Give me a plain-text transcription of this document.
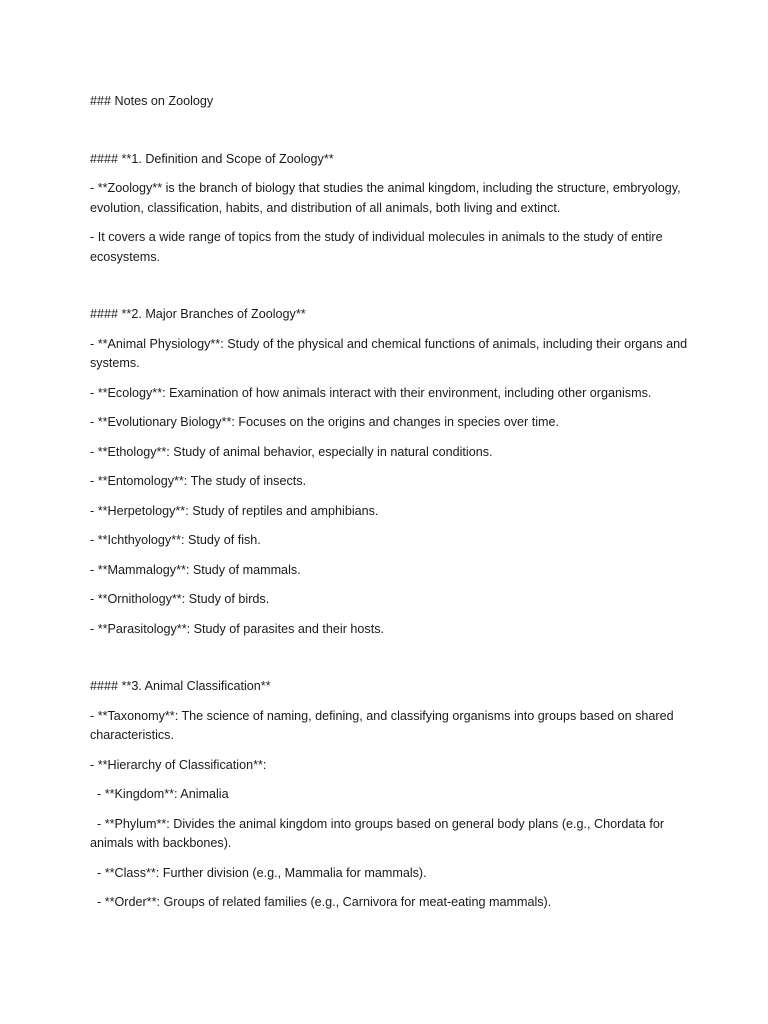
### Notes on Zoology

#### **1. Definition and Scope of Zoology**

- **Zoology** is the branch of biology that studies the animal kingdom, including the structure, embryology, evolution, classification, habits, and distribution of all animals, both living and extinct.

- It covers a wide range of topics from the study of individual molecules in animals to the study of entire ecosystems.

#### **2. Major Branches of Zoology**

- **Animal Physiology**: Study of the physical and chemical functions of animals, including their organs and systems.

- **Ecology**: Examination of how animals interact with their environment, including other organisms.

- **Evolutionary Biology**: Focuses on the origins and changes in species over time.

- **Ethology**: Study of animal behavior, especially in natural conditions.

- **Entomology**: The study of insects.

- **Herpetology**: Study of reptiles and amphibians.

- **Ichthyology**: Study of fish.

- **Mammalogy**: Study of mammals.

- **Ornithology**: Study of birds.

- **Parasitology**: Study of parasites and their hosts.

#### **3. Animal Classification**

- **Taxonomy**: The science of naming, defining, and classifying organisms into groups based on shared characteristics.

- **Hierarchy of Classification**:

- **Kingdom**: Animalia

- **Phylum**: Divides the animal kingdom into groups based on general body plans (e.g., Chordata for animals with backbones).

- **Class**: Further division (e.g., Mammalia for mammals).

- **Order**: Groups of related families (e.g., Carnivora for meat-eating mammals).
